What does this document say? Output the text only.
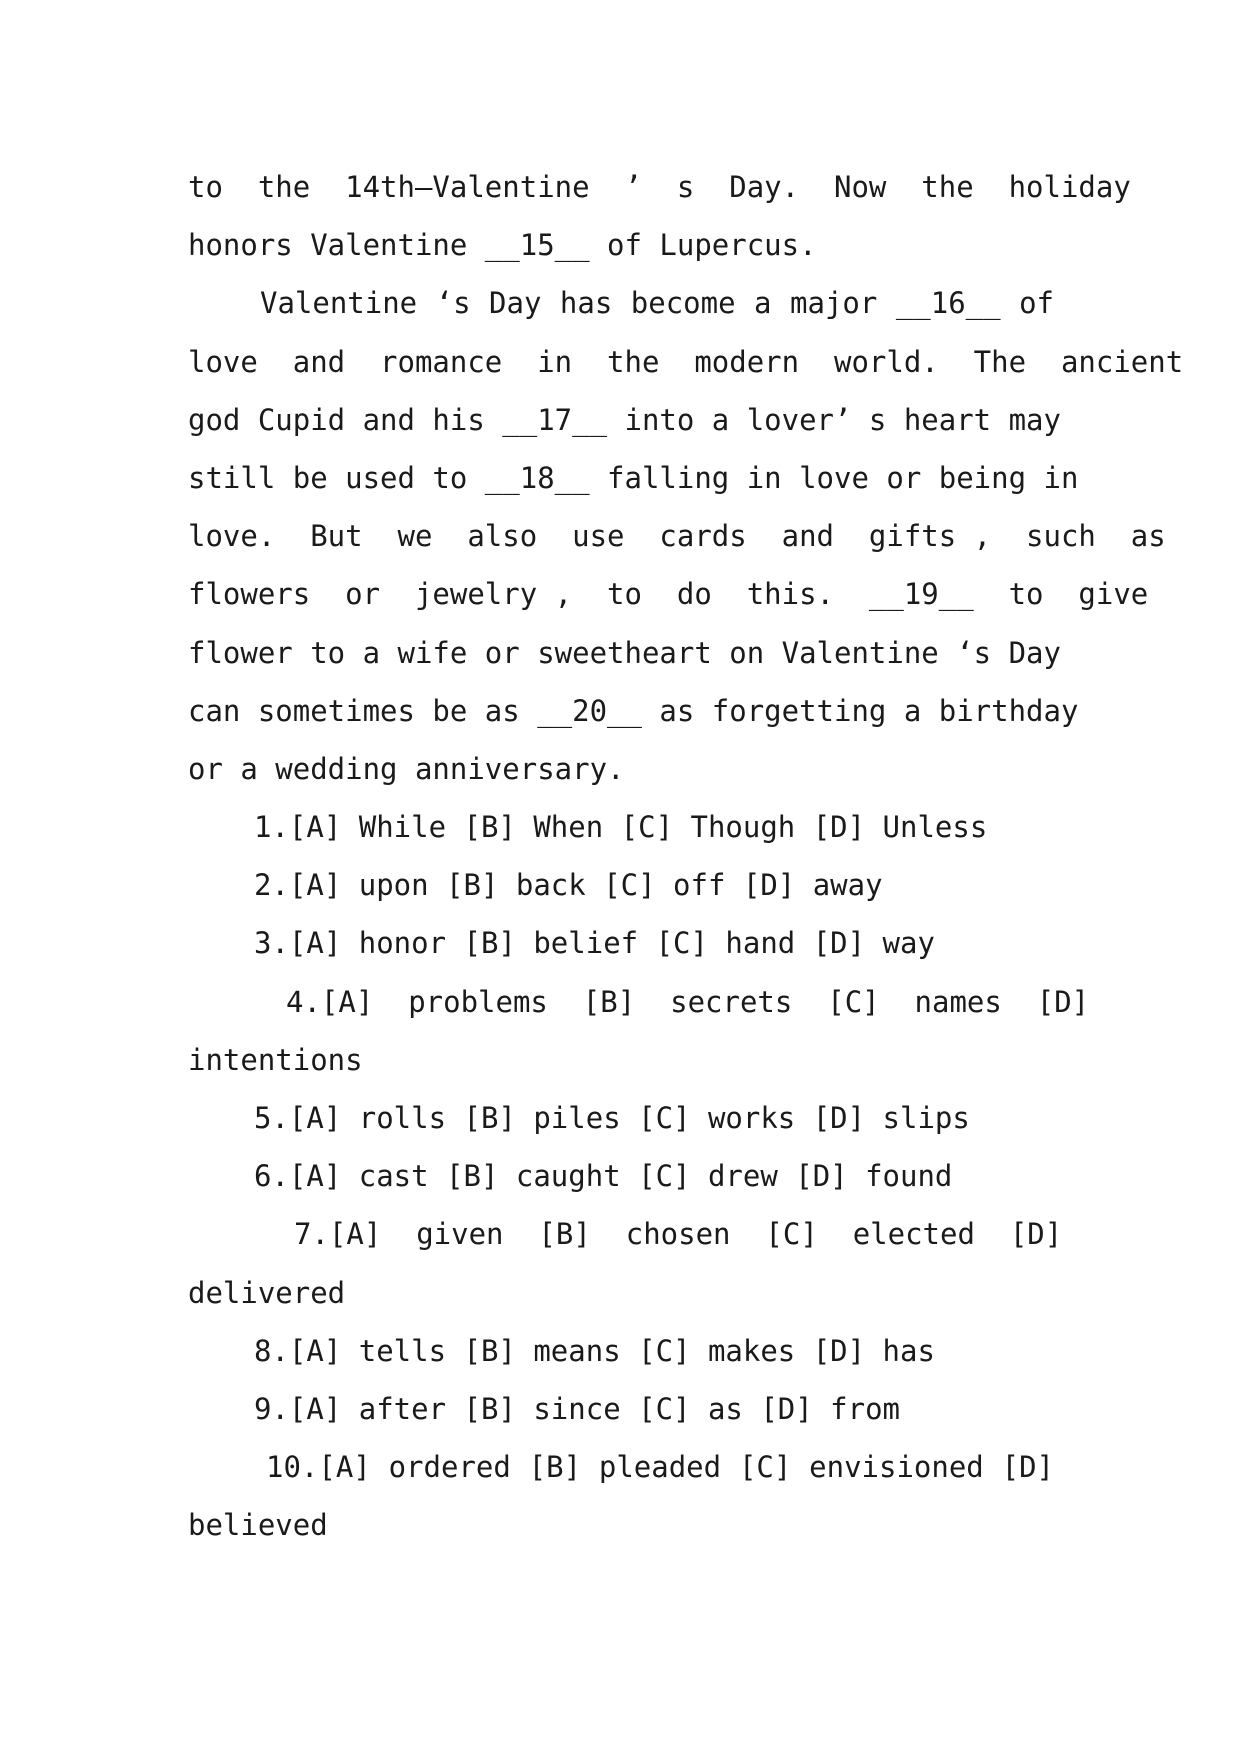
to  the  14th—Valentine  ’  s  Day.  Now  the  holiday
honors Valentine __15__ of Lupercus.
Valentine ‘s Day has become a major __16__ of
love  and  romance  in  the  modern  world.  The  ancient
god Cupid and his __17__ into a lover’ s heart may
still be used to __18__ falling in love or being in
love.  But  we  also  use  cards  and  gifts ,  such  as
flowers  or  jewelry ,  to  do  this.  __19__  to  give
flower to a wife or sweetheart on Valentine ‘s Day
can sometimes be as __20__ as forgetting a birthday
or a wedding anniversary.
1.[A] While [B] When [C] Though [D] Unless
2.[A] upon [B] back [C] off [D] away
3.[A] honor [B] belief [C] hand [D] way
4.[A]  problems  [B]  secrets  [C]  names  [D]
intentions
5.[A] rolls [B] piles [C] works [D] slips
6.[A] cast [B] caught [C] drew [D] found
7.[A]  given  [B]  chosen  [C]  elected  [D]
delivered
8.[A] tells [B] means [C] makes [D] has
9.[A] after [B] since [C] as [D] from
10.[A] ordered [B] pleaded [C] envisioned [D]
believed
